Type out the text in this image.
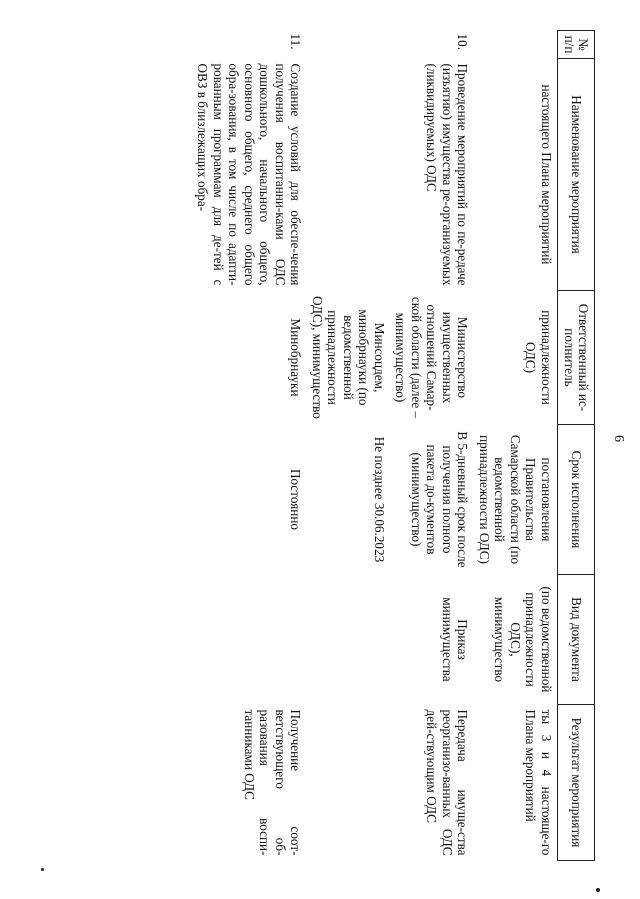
6
№ п/п	Наименование мероприятия	Ответственный ис-полнитель	Срок исполнения	Вид документа	Результат мероприятия
	настоящего Плана мероприятий	принадлежности ОДС)	постановления Правительства Самарской области (по ведомственной принадлежности ОДС)	(по ведомственной принадлежности ОДС), минимущество	ты 3 и 4 настояще-го Плана мероприятий
10.	Проведение мероприятий по пе-редаче (изъятию) имущества ре-организуемых (ликвидируемых) ОДС	Министерство имущественных отношений Самар-ской области (далее – минимущество)	В 5-дневный срок после получения полного пакета до-кументов (минимущество)	Приказ минимущества	Передача имуще-ства реорганизо-ванных ОДС дей-ствующим ОДС
		Минсоцдем, минобрнауки (по ведомственной принадлежности ОДС), минимущество	Не позднее 30.06.2023		
11.	Создание условий для обеспе-чения получения воспитанни-ками ОДС дошкольного, начального общего, основного общего, среднего общего обра-зования, в том числе по адапти-рованным программам для де-тей с ОВЗ в близлежащих обра-	Минобрнауки	Постоянно		Получение соот-ветствующего об-разования воспи-танниками ОДС
